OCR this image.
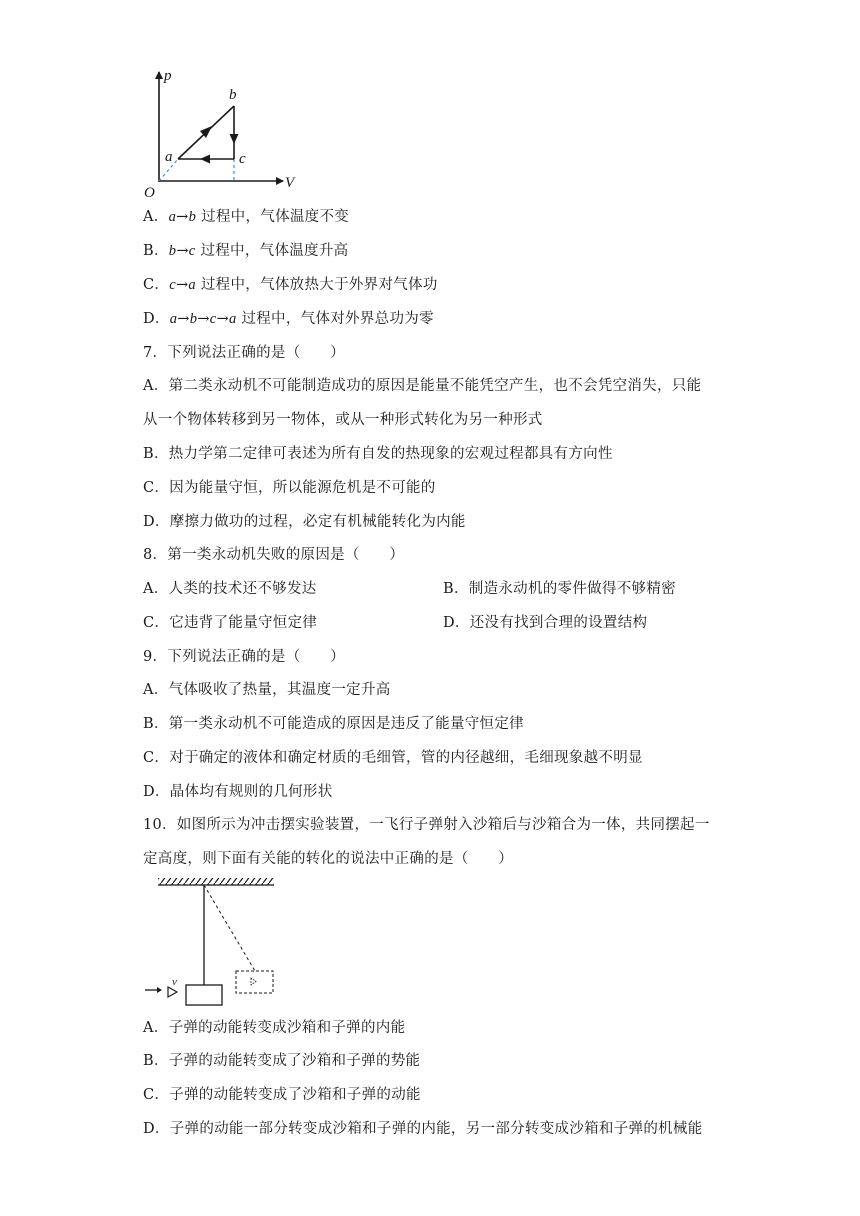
p
V
O
a
b
c
A．a→b 过程中，气体温度不变
B．b→c 过程中，气体温度升高
C．c→a 过程中，气体放热大于外界对气体功
D．a→b→c→a 过程中，气体对外界总功为零
7．下列说法正确的是（　　）
A．第二类永动机不可能制造成功的原因是能量不能凭空产生，也不会凭空消失，只能
从一个物体转移到另一物体，或从一种形式转化为另一种形式
B．热力学第二定律可表述为所有自发的热现象的宏观过程都具有方向性
C．因为能量守恒，所以能源危机是不可能的
D．摩擦力做功的过程，必定有机械能转化为内能
8．第一类永动机失败的原因是（　　）
A．人类的技术还不够发达	B．制造永动机的零件做得不够精密
C．它违背了能量守恒定律	D．还没有找到合理的设置结构
9．下列说法正确的是（　　）
A．气体吸收了热量，其温度一定升高
B．第一类永动机不可能造成的原因是违反了能量守恒定律
C．对于确定的液体和确定材质的毛细管，管的内径越细，毛细现象越不明显
D．晶体均有规则的几何形状
10．如图所示为冲击摆实验装置，一飞行子弹射入沙箱后与沙箱合为一体，共同摆起一
定高度，则下面有关能的转化的说法中正确的是（　　）
v
A．子弹的动能转变成沙箱和子弹的内能
B．子弹的动能转变成了沙箱和子弹的势能
C．子弹的动能转变成了沙箱和子弹的动能
D．子弹的动能一部分转变成沙箱和子弹的内能，另一部分转变成沙箱和子弹的机械能
